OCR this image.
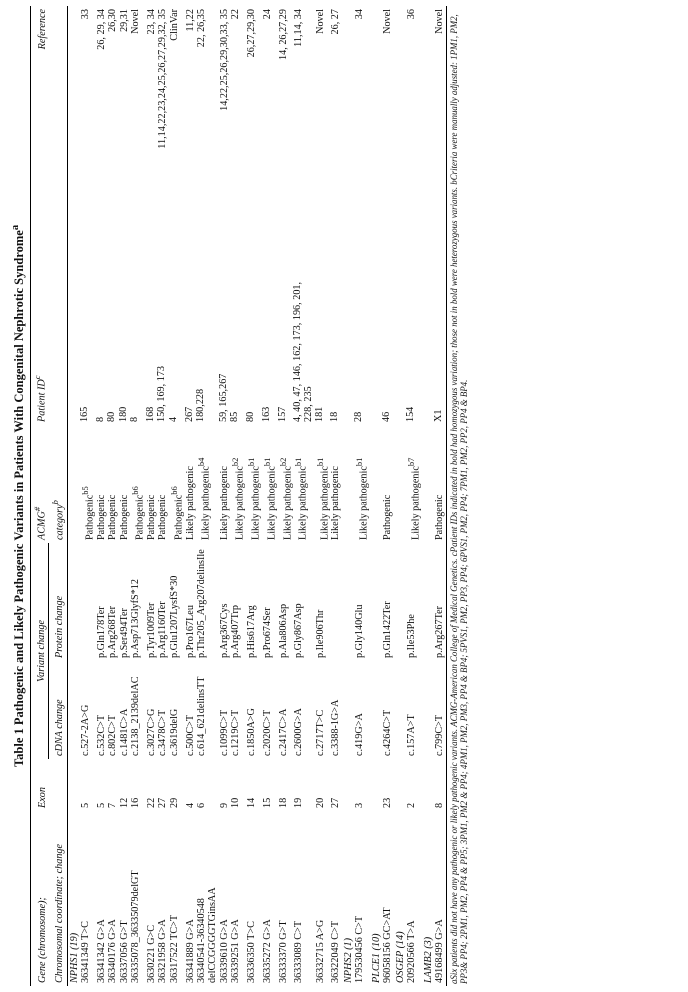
Table 1 Pathogenic and Likely Pathogenic Variants in Patients With Congenital Nephrotic Syndrome$^a$
Gene (chromosome);	Exon	Variant change		ACMG#	Patient $ID^c$	Reference
Chromosomal coordinate; change		cDNA change	Protein change	category$^b$		
NPHS1 (19)						
36341349 T>C	5	c.527-2A>G		Pathogenic$^{b5}$	165	33
36341342 G>A	5	c.532C>T	p.Gln178Ter	Pathogenic	8	26, 29, 34
36340176 G>A	7	c.802C>T	p.Arg268Ter	Pathogenic	80	26,30
36337056 G>T	12	c.1481C>A	p.Ser494Ter	Pathogenic	180	29,31
36335078_36335079delGT	16	c.2138_2139delAC	p.Asp713GlyfS*12	Pathogenic$^{b6}$	8	Novel
3630221 G>C	22	c.3027C>G	p.Tyr1009Ter	Pathogenic	168	23, 34
36321958 G>A	27	c.3478C>T	p.Arg1160Ter	Pathogenic	150, 169, 173	11,14,22,23,24,25,26,27,29,32, 35
36317522 TC>T	29	c.3619delG	p.Glu1207LysfS*30	Pathogenic$^{b6}$	4	ClinVar
36341889 G>A	4	c.500C>T	p.Pro167Leu	Likely pathogenic	267	11,22
36340541-36340548
delCCGGGGTGinsAA	6	c.614_621delinsTT	p.Thr205_Arg207delinsIle	Likely pathogenic$^{b4}$	180,228	22, 26,35
36339610 G>A	9	c.1099C>T	p.Arg367Cys	Likely pathogenic	59, 165,267	14,22,25,26,29,30,33, 35
36339251 G>A	10	c.1219C>T	p.Arg407Trp	Likely pathogenic$^{b2}$	85	22
36336350 T>C	14	c.1850A>G	p.His617Arg	Likely pathogenic$^{b1}$	80	26,27,29,30
36335272 G>A	15	c.2020C>T	p.Pro674Ser	Likely pathogenic$^{b1}$	163	24
36333370 G>T	18	c.2417C>A	p.Ala806Asp	Likely pathogenic$^{b2}$	157	14, 26,27,29
36333089 C>T	19	c.2600G>A	p.Gly867Asp	Likely pathogenic$^{b1}$	4, 40, 47, 146, 162, 173, 196, 201, 228, 235	11,14, 34
36332715 A>G	20	c.2717T>C	p.Ile906Thr	Likely pathogenic$^{b1}$	181	Novel
36322049 C>T	27	c.3388-1G>A		Likely pathogenic	18	26, 27
NPHS2 (1)						
179530456 C>T	3	c.419G>A	p.Gly140Glu	Likely pathogenic$^{b1}$	28	34
PLCE1 (10)						
96058156 GC>AT	23	c.4264C>T	p.Gln1422Ter	Pathogenic	46	Novel
OSGEP (14)						
20920566 T>A	2	c.157A>T	p.Ile53Phe	Likely pathogenic$^{b7}$	154	36
LAMB2 (3)						
49168499 G>A	8	c.799C>T	p.Arg267Ter	Pathogenic	X1	Novel aSix patients did not have any pathogenic or likely pathogenic variants. ACMG-American College of Medical Genetics. cPatient IDs indicated in bold had homozygous variation; those not in bold were heterozygous variants. bCriteria were manually adjusted: 1PM1, PM2, PP3& PP4; 2PM1, PM2, PP4 & PP5; 3PM1, PM2 & PP4; 4PM1, PM2, PM3, PP4 & BP4; 5PVS1, PM2, PP3, PP4; 6PVS1, PM2, PP4; 7PM1, PM2, PP2, PP4 & BP4.
